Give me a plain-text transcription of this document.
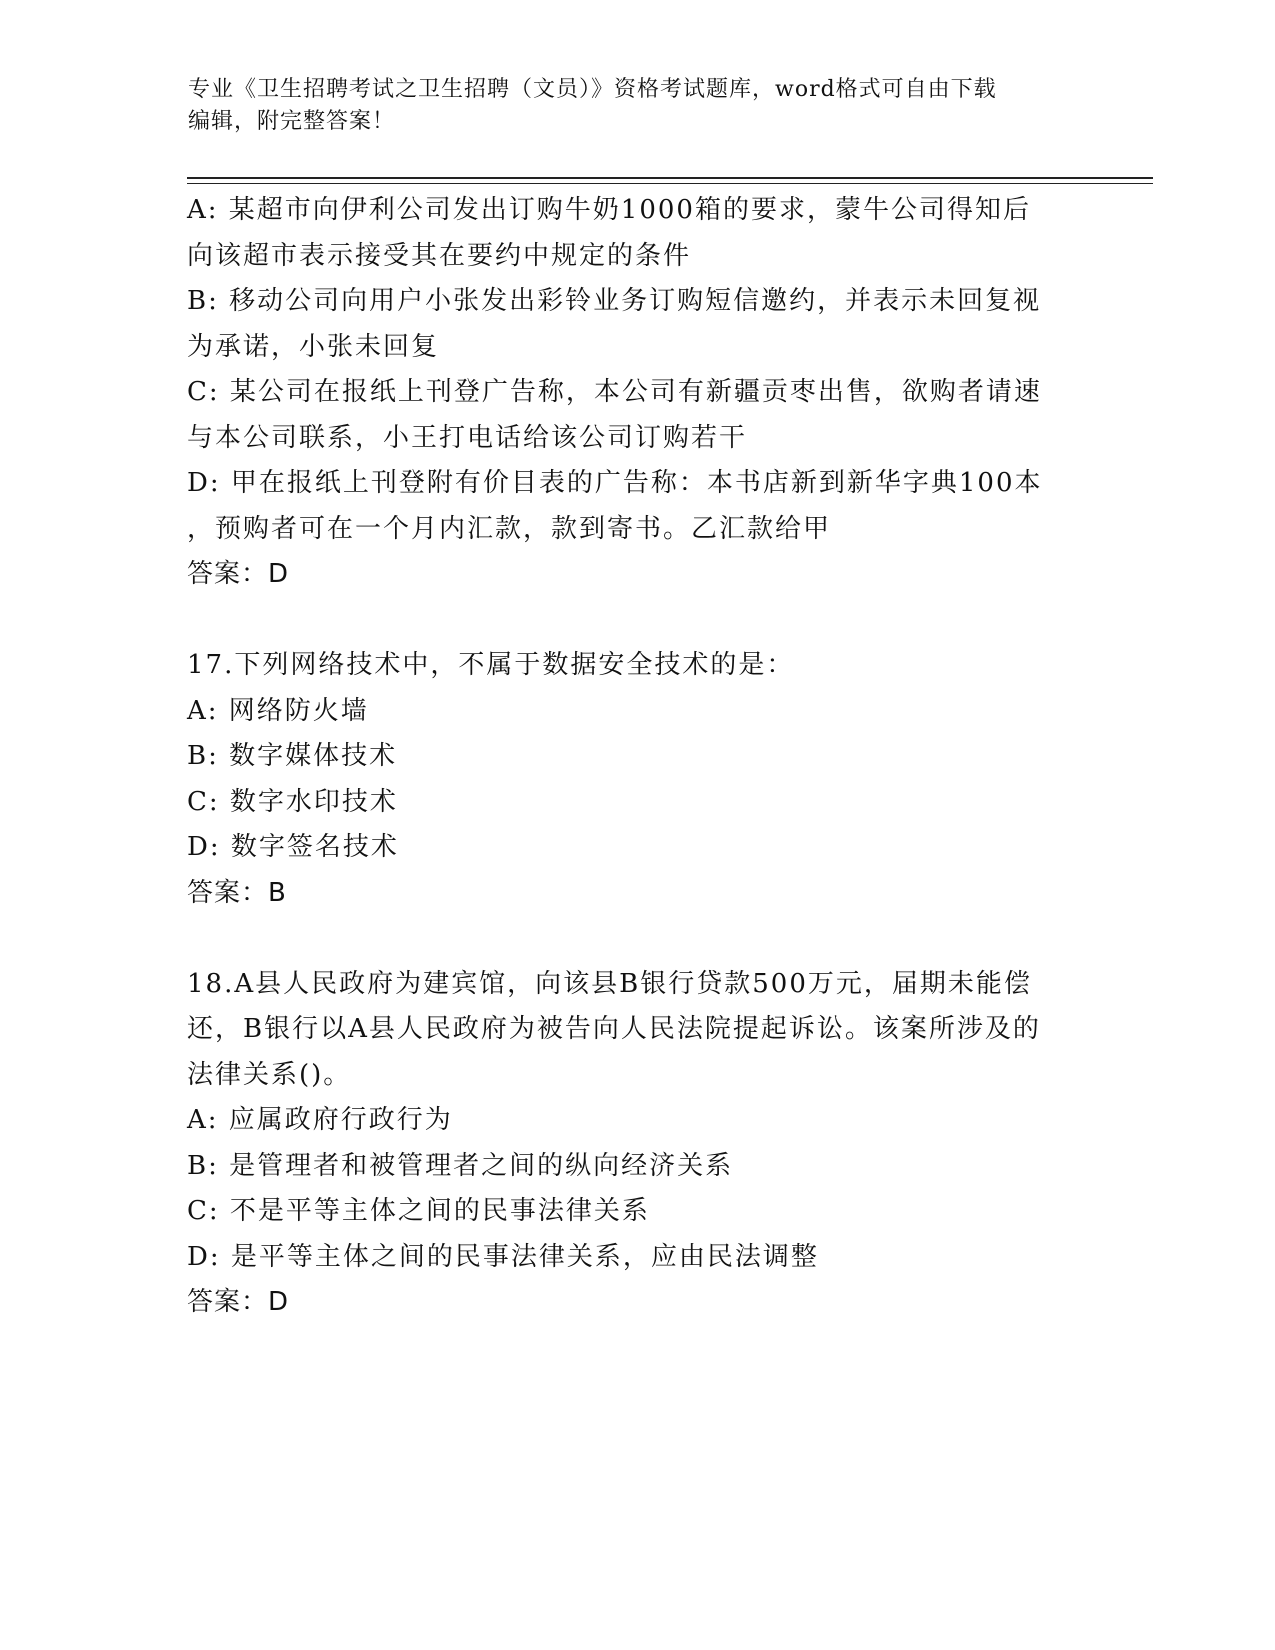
专业《卫生招聘考试之卫生招聘（文员）》资格考试题库，word格式可自由下载
编辑，附完整答案！
A: 某超市向伊利公司发出订购牛奶1000箱的要求，蒙牛公司得知后
向该超市表示接受其在要约中规定的条件
B: 移动公司向用户小张发出彩铃业务订购短信邀约，并表示未回复视
为承诺，小张未回复
C: 某公司在报纸上刊登广告称，本公司有新疆贡枣出售，欲购者请速
与本公司联系，小王打电话给该公司订购若干
D: 甲在报纸上刊登附有价目表的广告称：本书店新到新华字典100本
，预购者可在一个月内汇款，款到寄书。乙汇款给甲
答案：D
17.下列网络技术中，不属于数据安全技术的是：
A: 网络防火墙
B: 数字媒体技术
C: 数字水印技术
D: 数字签名技术
答案：B
18.A县人民政府为建宾馆，向该县B银行贷款500万元，届期未能偿
还，B银行以A县人民政府为被告向人民法院提起诉讼。该案所涉及的
法律关系()。
A: 应属政府行政行为
B: 是管理者和被管理者之间的纵向经济关系
C: 不是平等主体之间的民事法律关系
D: 是平等主体之间的民事法律关系，应由民法调整
答案：D
